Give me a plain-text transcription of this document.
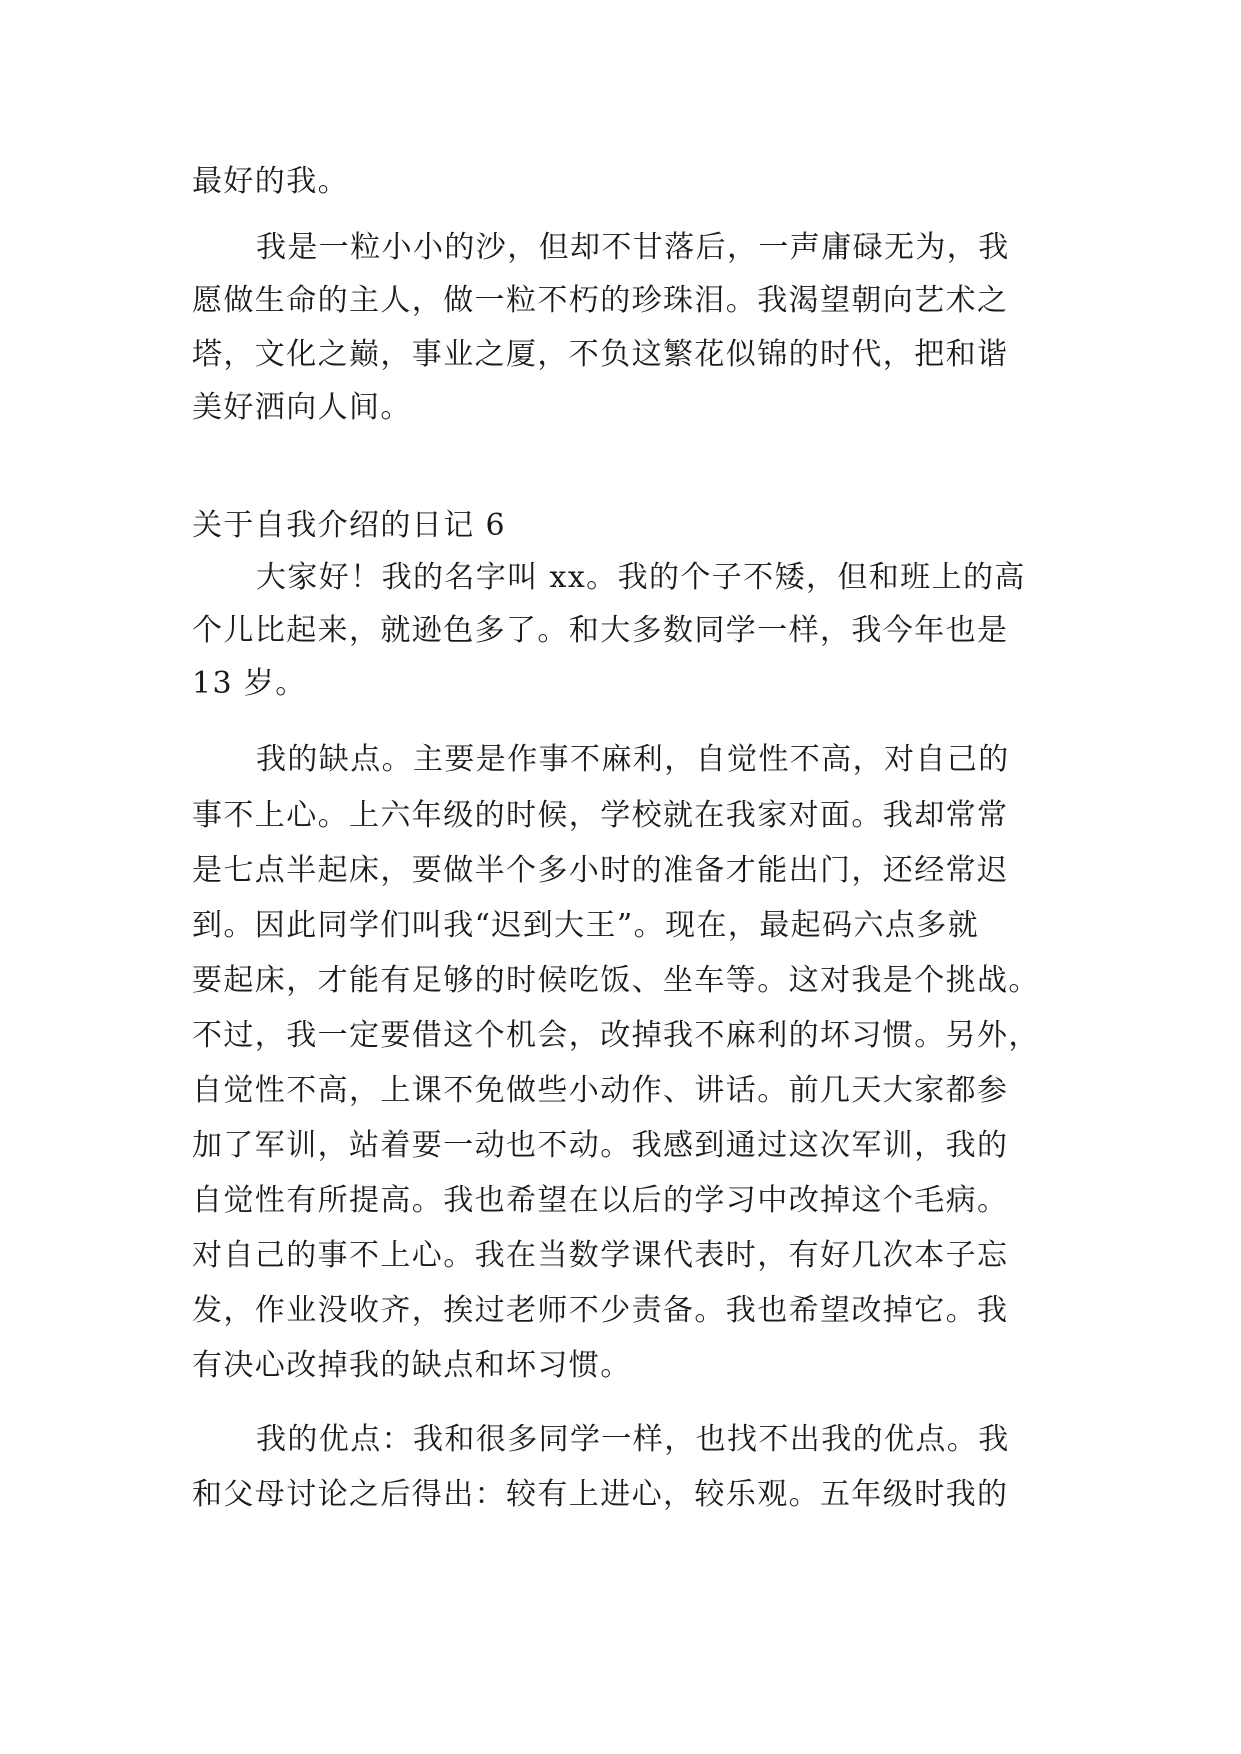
最好的我。
我是一粒小小的沙，但却不甘落后，一声庸碌无为，我
愿做生命的主人，做一粒不朽的珍珠泪。我渴望朝向艺术之
塔，文化之巅，事业之厦，不负这繁花似锦的时代，把和谐
美好洒向人间。
关于自我介绍的日记 6
大家好！我的名字叫 xx。我的个子不矮，但和班上的高
个儿比起来，就逊色多了。和大多数同学一样，我今年也是
13 岁。
我的缺点。主要是作事不麻利，自觉性不高，对自己的
事不上心。上六年级的时候，学校就在我家对面。我却常常
是七点半起床，要做半个多小时的准备才能出门，还经常迟
到。因此同学们叫我“迟到大王”。现在，最起码六点多就
要起床，才能有足够的时候吃饭、坐车等。这对我是个挑战。
不过，我一定要借这个机会，改掉我不麻利的坏习惯。另外，
自觉性不高，上课不免做些小动作、讲话。前几天大家都参
加了军训，站着要一动也不动。我感到通过这次军训，我的
自觉性有所提高。我也希望在以后的学习中改掉这个毛病。
对自己的事不上心。我在当数学课代表时，有好几次本子忘
发，作业没收齐，挨过老师不少责备。我也希望改掉它。我
有决心改掉我的缺点和坏习惯。
我的优点：我和很多同学一样，也找不出我的优点。我
和父母讨论之后得出：较有上进心，较乐观。五年级时我的
